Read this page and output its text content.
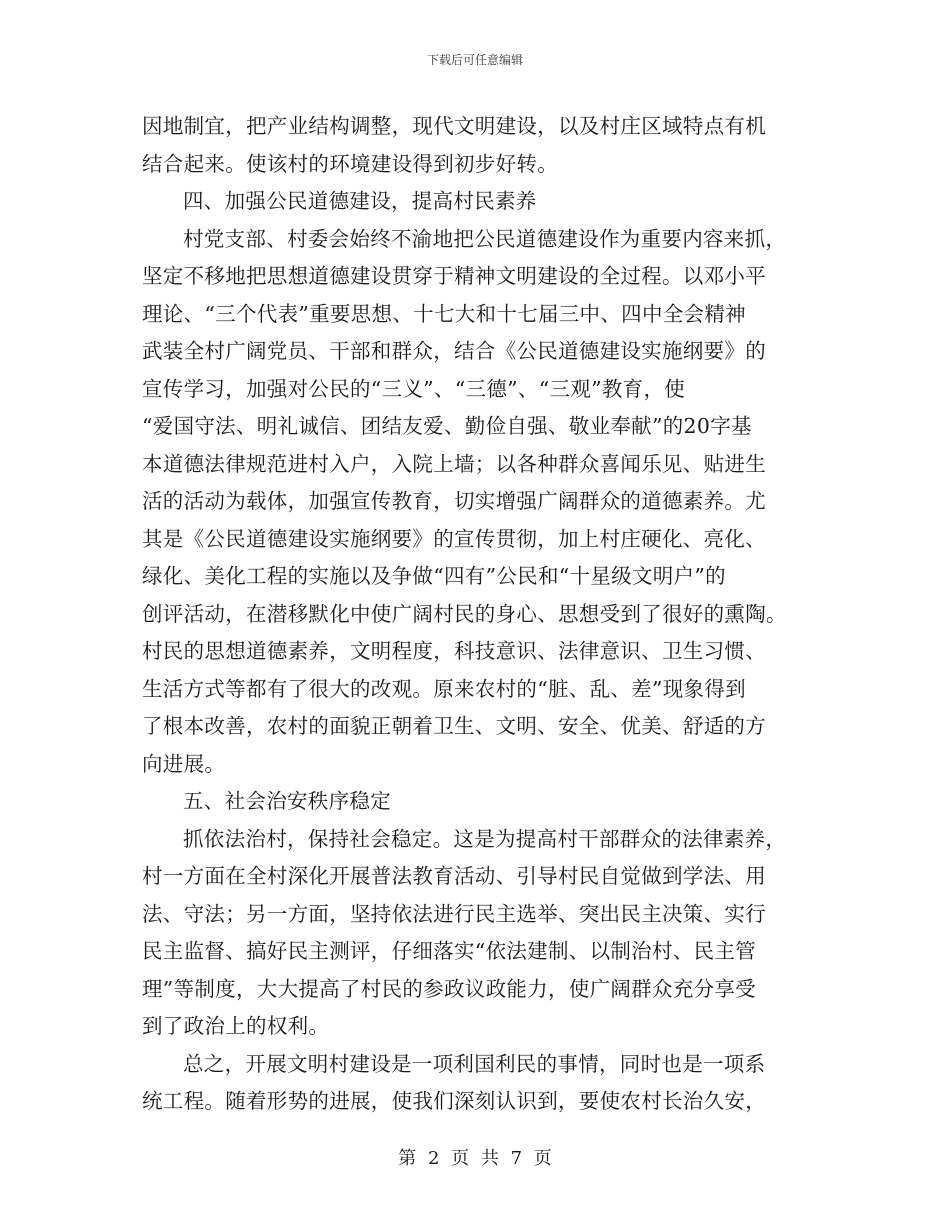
下载后可任意编辑
因地制宜，把产业结构调整，现代文明建设，以及村庄区域特点有机
结合起来。使该村的环境建设得到初步好转。
四、加强公民道德建设，提高村民素养
村党支部、村委会始终不渝地把公民道德建设作为重要内容来抓，
坚定不移地把思想道德建设贯穿于精神文明建设的全过程。以邓小平
理论、“三个代表”重要思想、十七大和十七届三中、四中全会精神
武装全村广阔党员、干部和群众，结合《公民道德建设实施纲要》的
宣传学习，加强对公民的“三义”、“三德”、“三观”教育，使
“爱国守法、明礼诚信、团结友爱、勤俭自强、敬业奉献”的20字基
本道德法律规范进村入户，入院上墙；以各种群众喜闻乐见、贴进生
活的活动为载体，加强宣传教育，切实增强广阔群众的道德素养。尤
其是《公民道德建设实施纲要》的宣传贯彻，加上村庄硬化、亮化、
绿化、美化工程的实施以及争做“四有”公民和“十星级文明户”的
创评活动，在潜移默化中使广阔村民的身心、思想受到了很好的熏陶。
村民的思想道德素养，文明程度，科技意识、法律意识、卫生习惯、
生活方式等都有了很大的改观。原来农村的“脏、乱、差”现象得到
了根本改善，农村的面貌正朝着卫生、文明、安全、优美、舒适的方
向进展。
五、社会治安秩序稳定
抓依法治村，保持社会稳定。这是为提高村干部群众的法律素养，
村一方面在全村深化开展普法教育活动、引导村民自觉做到学法、用
法、守法；另一方面，坚持依法进行民主选举、突出民主决策、实行
民主监督、搞好民主测评，仔细落实“依法建制、以制治村、民主管
理”等制度，大大提高了村民的参政议政能力，使广阔群众充分享受
到了政治上的权利。
总之，开展文明村建设是一项利国利民的事情，同时也是一项系
统工程。随着形势的进展，使我们深刻认识到，要使农村长治久安，
第 2 页 共 7 页
